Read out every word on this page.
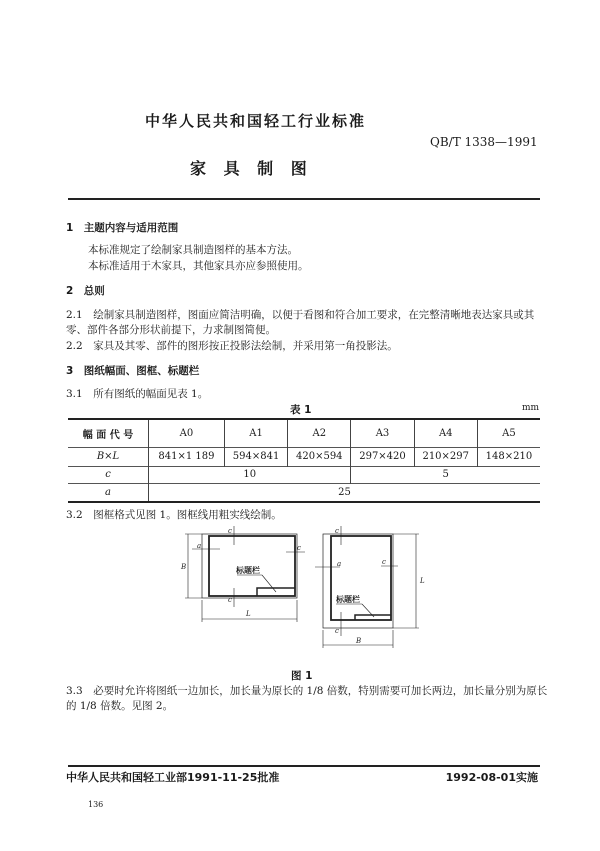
中华人民共和国轻工行业标准
QB/T 1338—1991
家 具 制 图
1　主题内容与适用范围
本标准规定了绘制家具制造图样的基本方法。
本标准适用于木家具，其他家具亦应参照使用。
2　总则
2.1　绘制家具制造图样，图面应简洁明确，以便于看图和符合加工要求，在完整清晰地表达家具或其
零、部件各部分形状前提下，力求制图简便。
2.2　家具及其零、部件的图形按正投影法绘制，并采用第一角投影法。
3　图纸幅面、图框、标题栏
3.1　所有图纸的幅面见表 1。
表 1	mm
幅 面 代 号	A0	A1	A2	A3	A4	A5
B×L	841×1 189	594×841	420×594	297×420	210×297	148×210
c	10			5		
a	25					
3.2　图框格式见图 1。图框线用粗实线绘制。
B
L
a
c
c
c
L
B
a
c
c
c
标题栏
标题栏
图 1
3.3　必要时允许将图纸一边加长，加长量为原长的 1/8 倍数，特别需要可加长两边，加长量分别为原长
的 1/8 倍数。见图 2。
中华人民共和国轻工业部1991-11-25批准	1992-08-01实施
136
